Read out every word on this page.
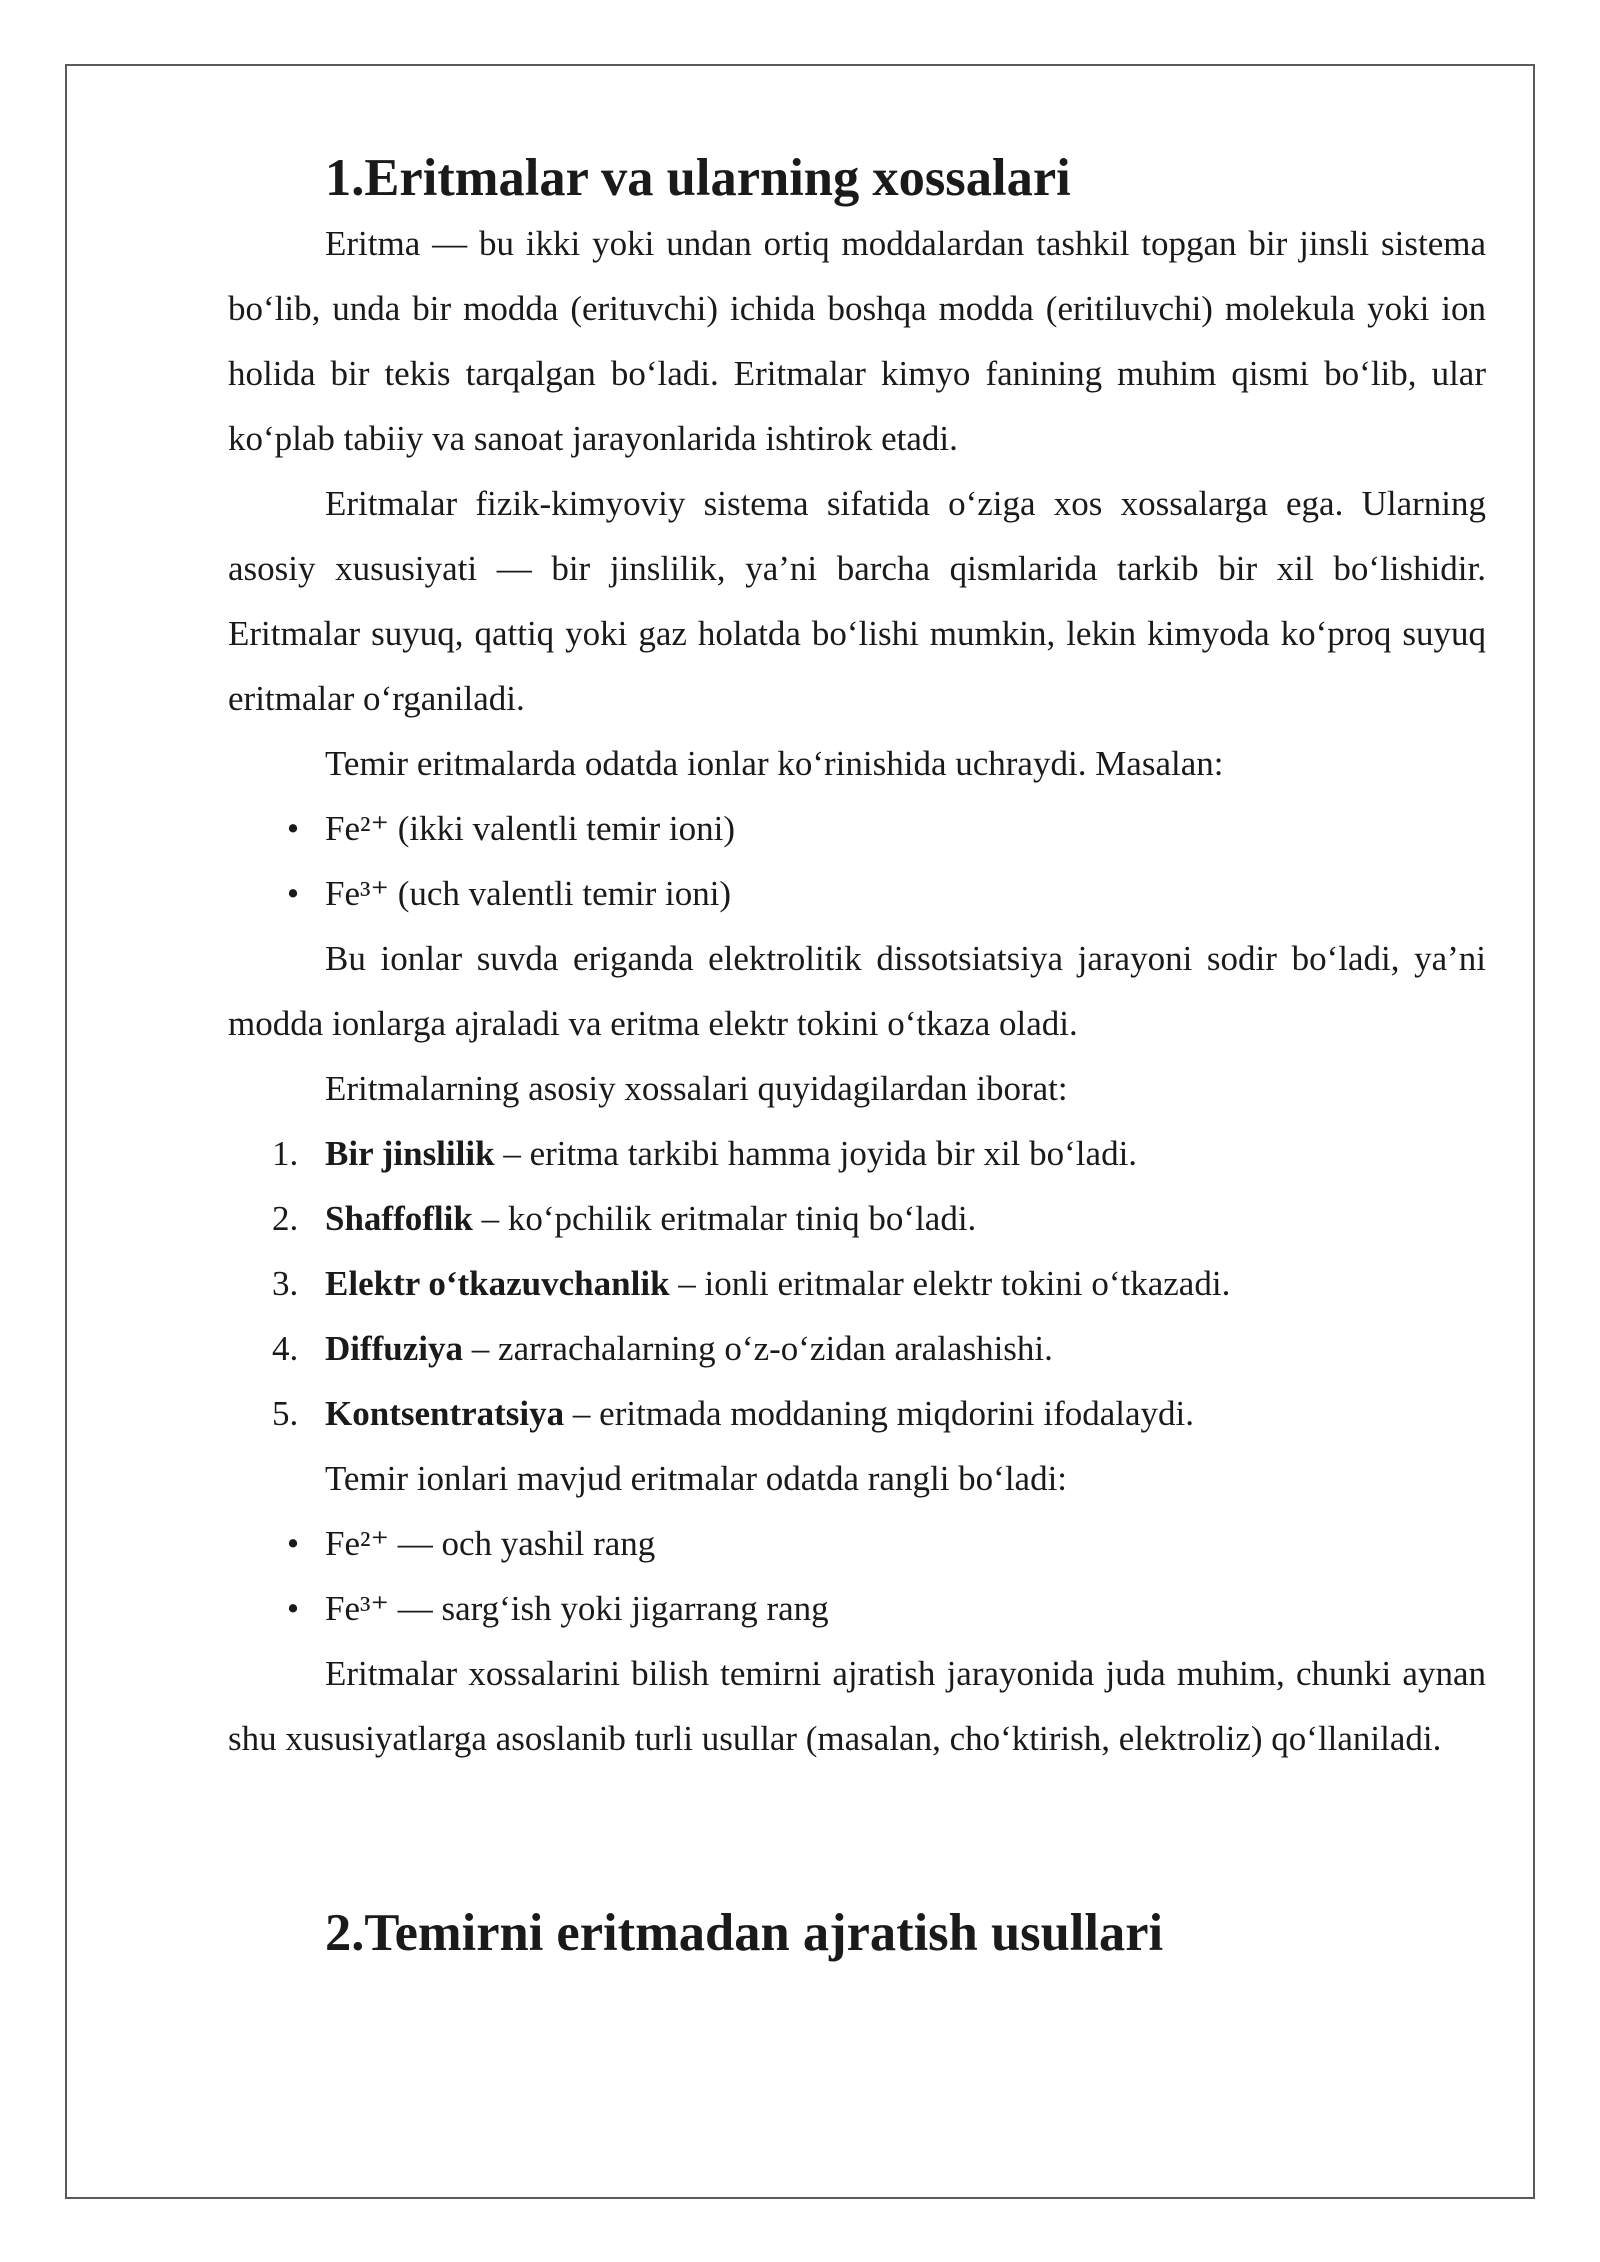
1.Eritmalar va ularning xossalari

Eritma — bu ikki yoki undan ortiq moddalardan tashkil topgan bir jinsli sistema bo‘lib, unda bir modda (erituvchi) ichida boshqa modda (eritiluvchi) molekula yoki ion holida bir tekis tarqalgan bo‘ladi. Eritmalar kimyo fanining muhim qismi bo‘lib, ular ko‘plab tabiiy va sanoat jarayonlarida ishtirok etadi.

Eritmalar fizik-kimyoviy sistema sifatida o‘ziga xos xossalarga ega. Ularning asosiy xususiyati — bir jinslilik, ya’ni barcha qismlarida tarkib bir xil bo‘lishidir. Eritmalar suyuq, qattiq yoki gaz holatda bo‘lishi mumkin, lekin kimyoda ko‘proq suyuq eritmalar o‘rganiladi.

Temir eritmalarda odatda ionlar ko‘rinishida uchraydi. Masalan:

• Fe²⁺ (ikki valentli temir ioni)
• Fe³⁺ (uch valentli temir ioni)

Bu ionlar suvda eriganda elektrolitik dissotsiatsiya jarayoni sodir bo‘ladi, ya’ni modda ionlarga ajraladi va eritma elektr tokini o‘tkaza oladi.

Eritmalarning asosiy xossalari quyidagilardan iborat:

1. Bir jinslilik – eritma tarkibi hamma joyida bir xil bo‘ladi.
2. Shaffoflik – ko‘pchilik eritmalar tiniq bo‘ladi.
3. Elektr o‘tkazuvchanlik – ionli eritmalar elektr tokini o‘tkazadi.
4. Diffuziya – zarrachalarning o‘z-o‘zidan aralashishi.
5. Kontsentratsiya – eritmada moddaning miqdorini ifodalaydi.

Temir ionlari mavjud eritmalar odatda rangli bo‘ladi:

• Fe²⁺ — och yashil rang
• Fe³⁺ — sarg‘ish yoki jigarrang rang

Eritmalar xossalarini bilish temirni ajratish jarayonida juda muhim, chunki aynan shu xususiyatlarga asoslanib turli usullar (masalan, cho‘ktirish, elektroliz) qo‘llaniladi.

2.Temirni eritmadan ajratish usullari
